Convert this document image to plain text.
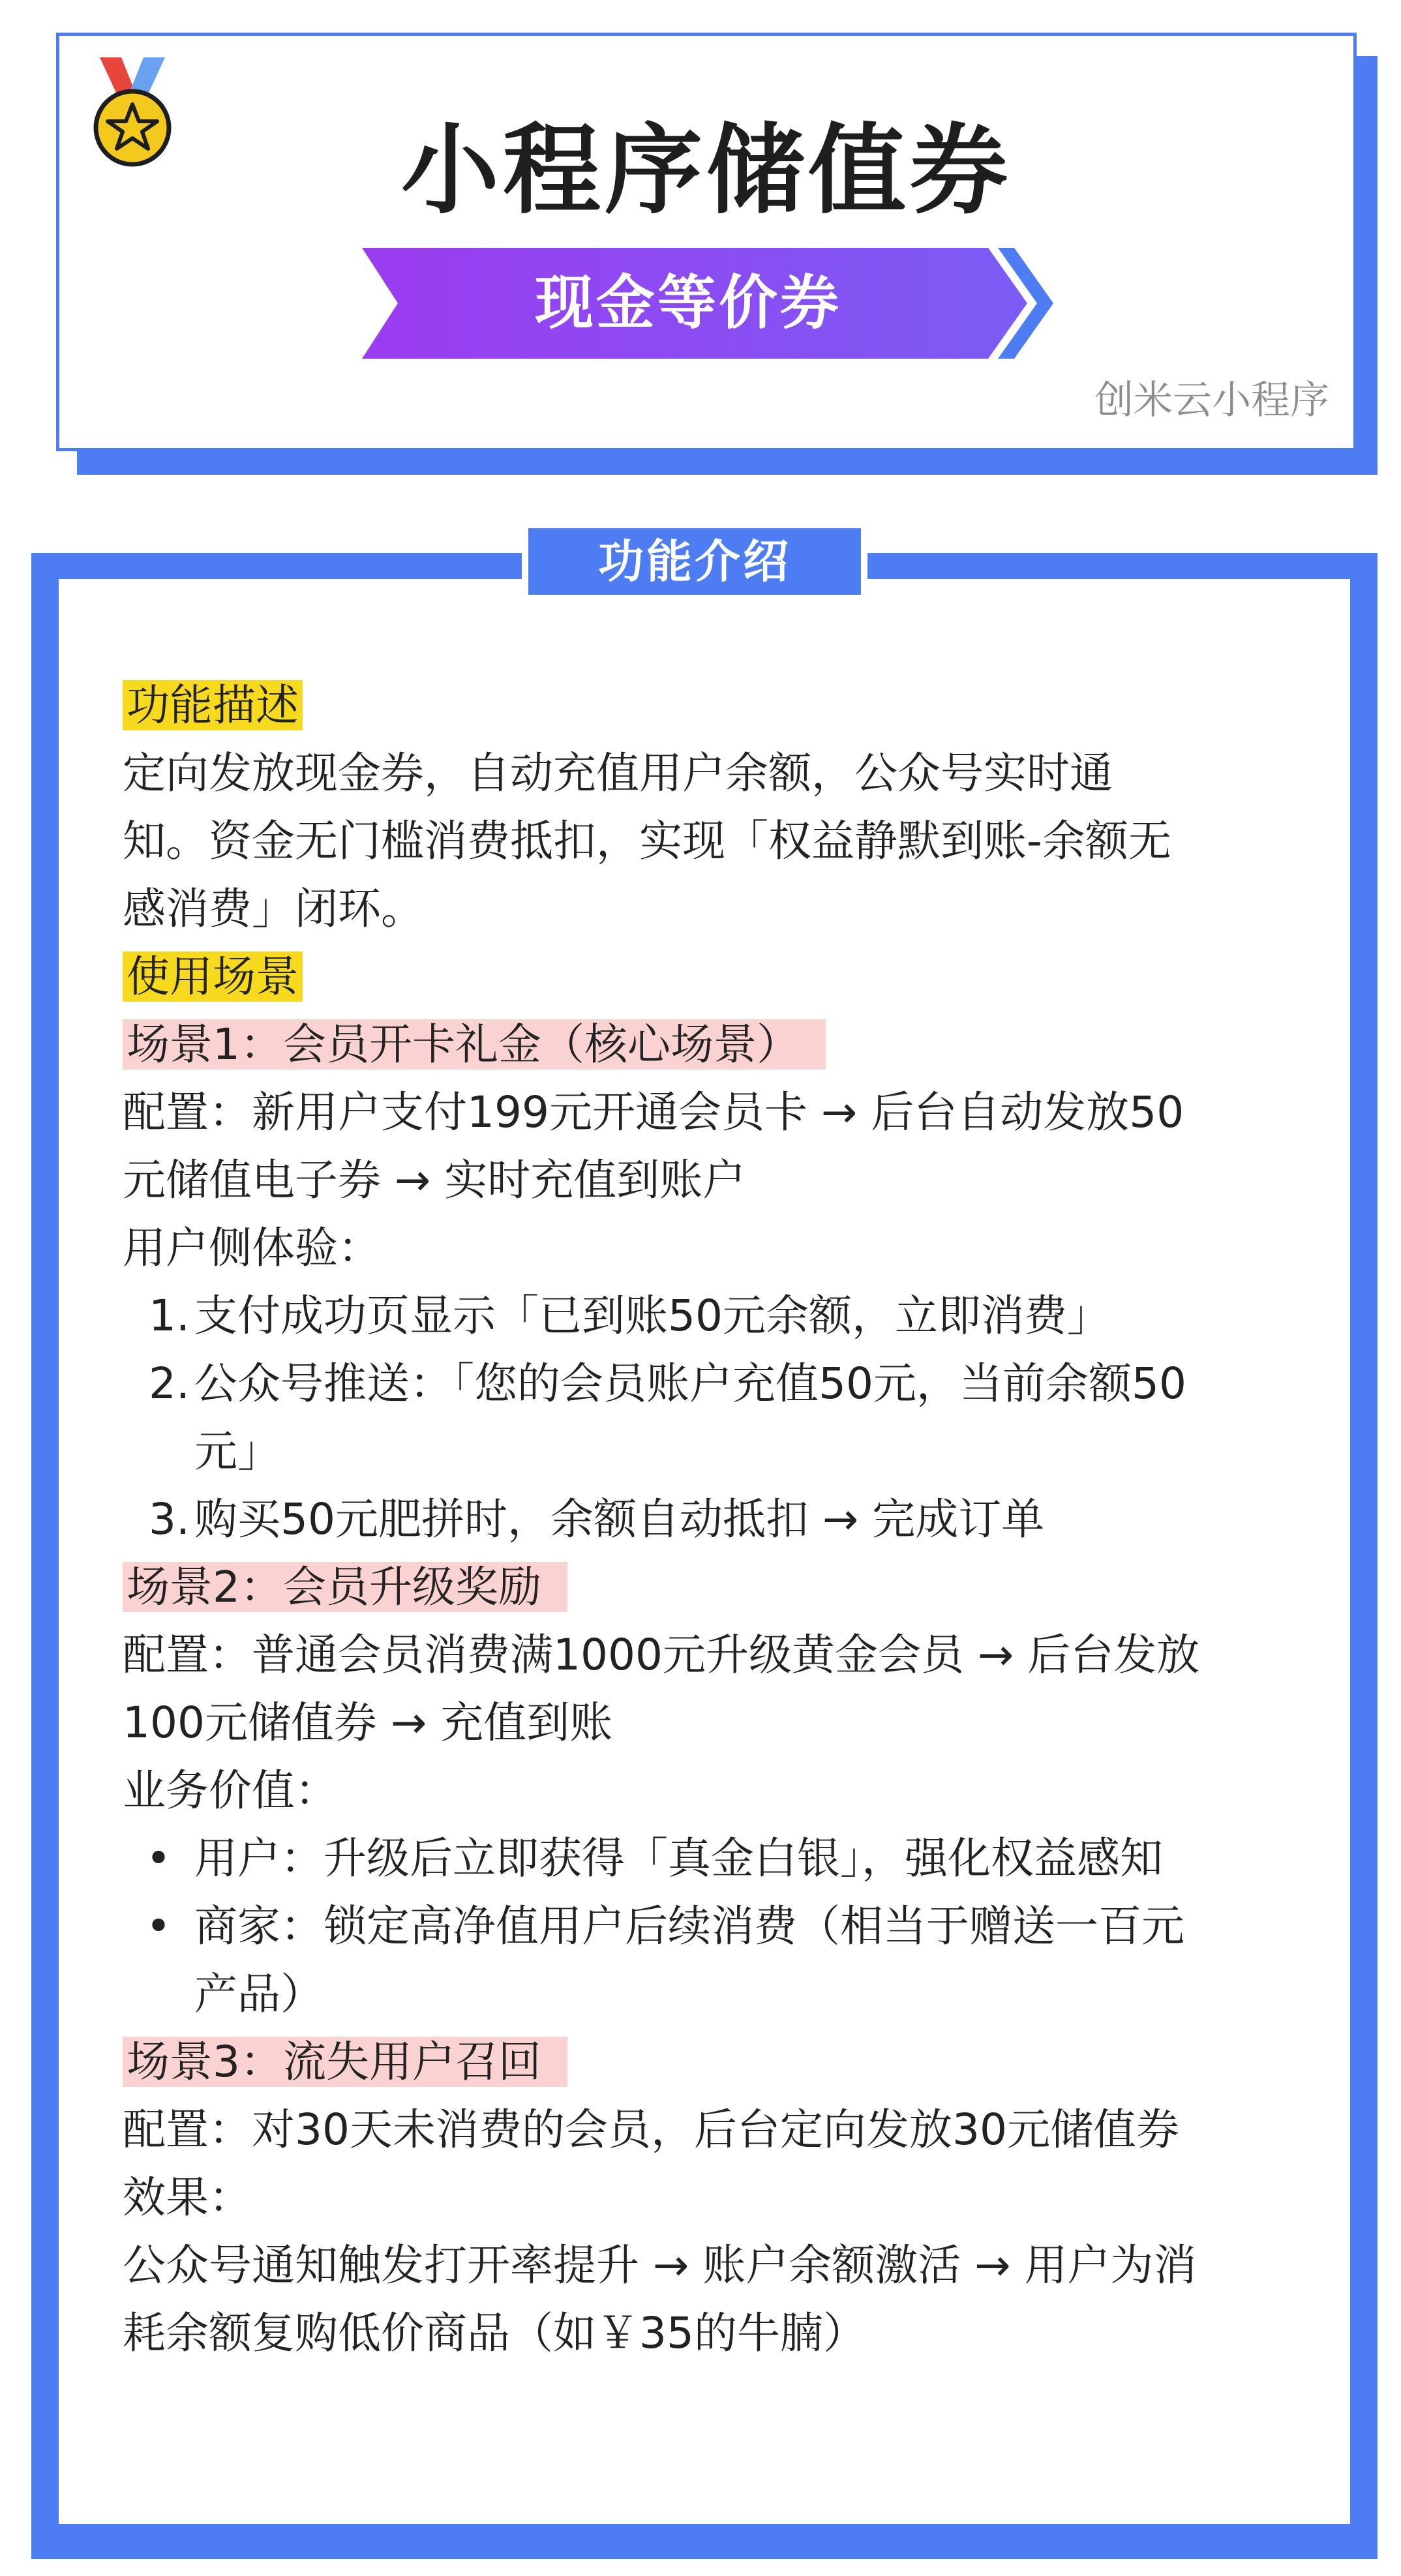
小程序储值券
现金等价券
创米云小程序
功能介绍
功能描述
定向发放现金券，自动充值用户余额，公众号实时通
知。资金无门槛消费抵扣，实现「权益静默到账-余额无
感消费」闭环。
使用场景
场景1：会员开卡礼金（核心场景）
配置：新用户支付199元开通会员卡 → 后台自动发放50
元储值电子券 → 实时充值到账户
用户侧体验：
1. 支付成功页显示「已到账50元余额，立即消费」
2. 公众号推送：「您的会员账户充值50元，当前余额50
元」
3. 购买50元肥拼时，余额自动抵扣 → 完成订单
场景2：会员升级奖励
配置：普通会员消费满1000元升级黄金会员 → 后台发放
100元储值券 → 充值到账
业务价值：
• 用户：升级后立即获得「真金白银」，强化权益感知
• 商家：锁定高净值用户后续消费（相当于赠送一百元
产品）
场景3：流失用户召回
配置：对30天未消费的会员，后台定向发放30元储值券
效果：
公众号通知触发打开率提升 → 账户余额激活 → 用户为消
耗余额复购低价商品（如￥35的牛腩）
